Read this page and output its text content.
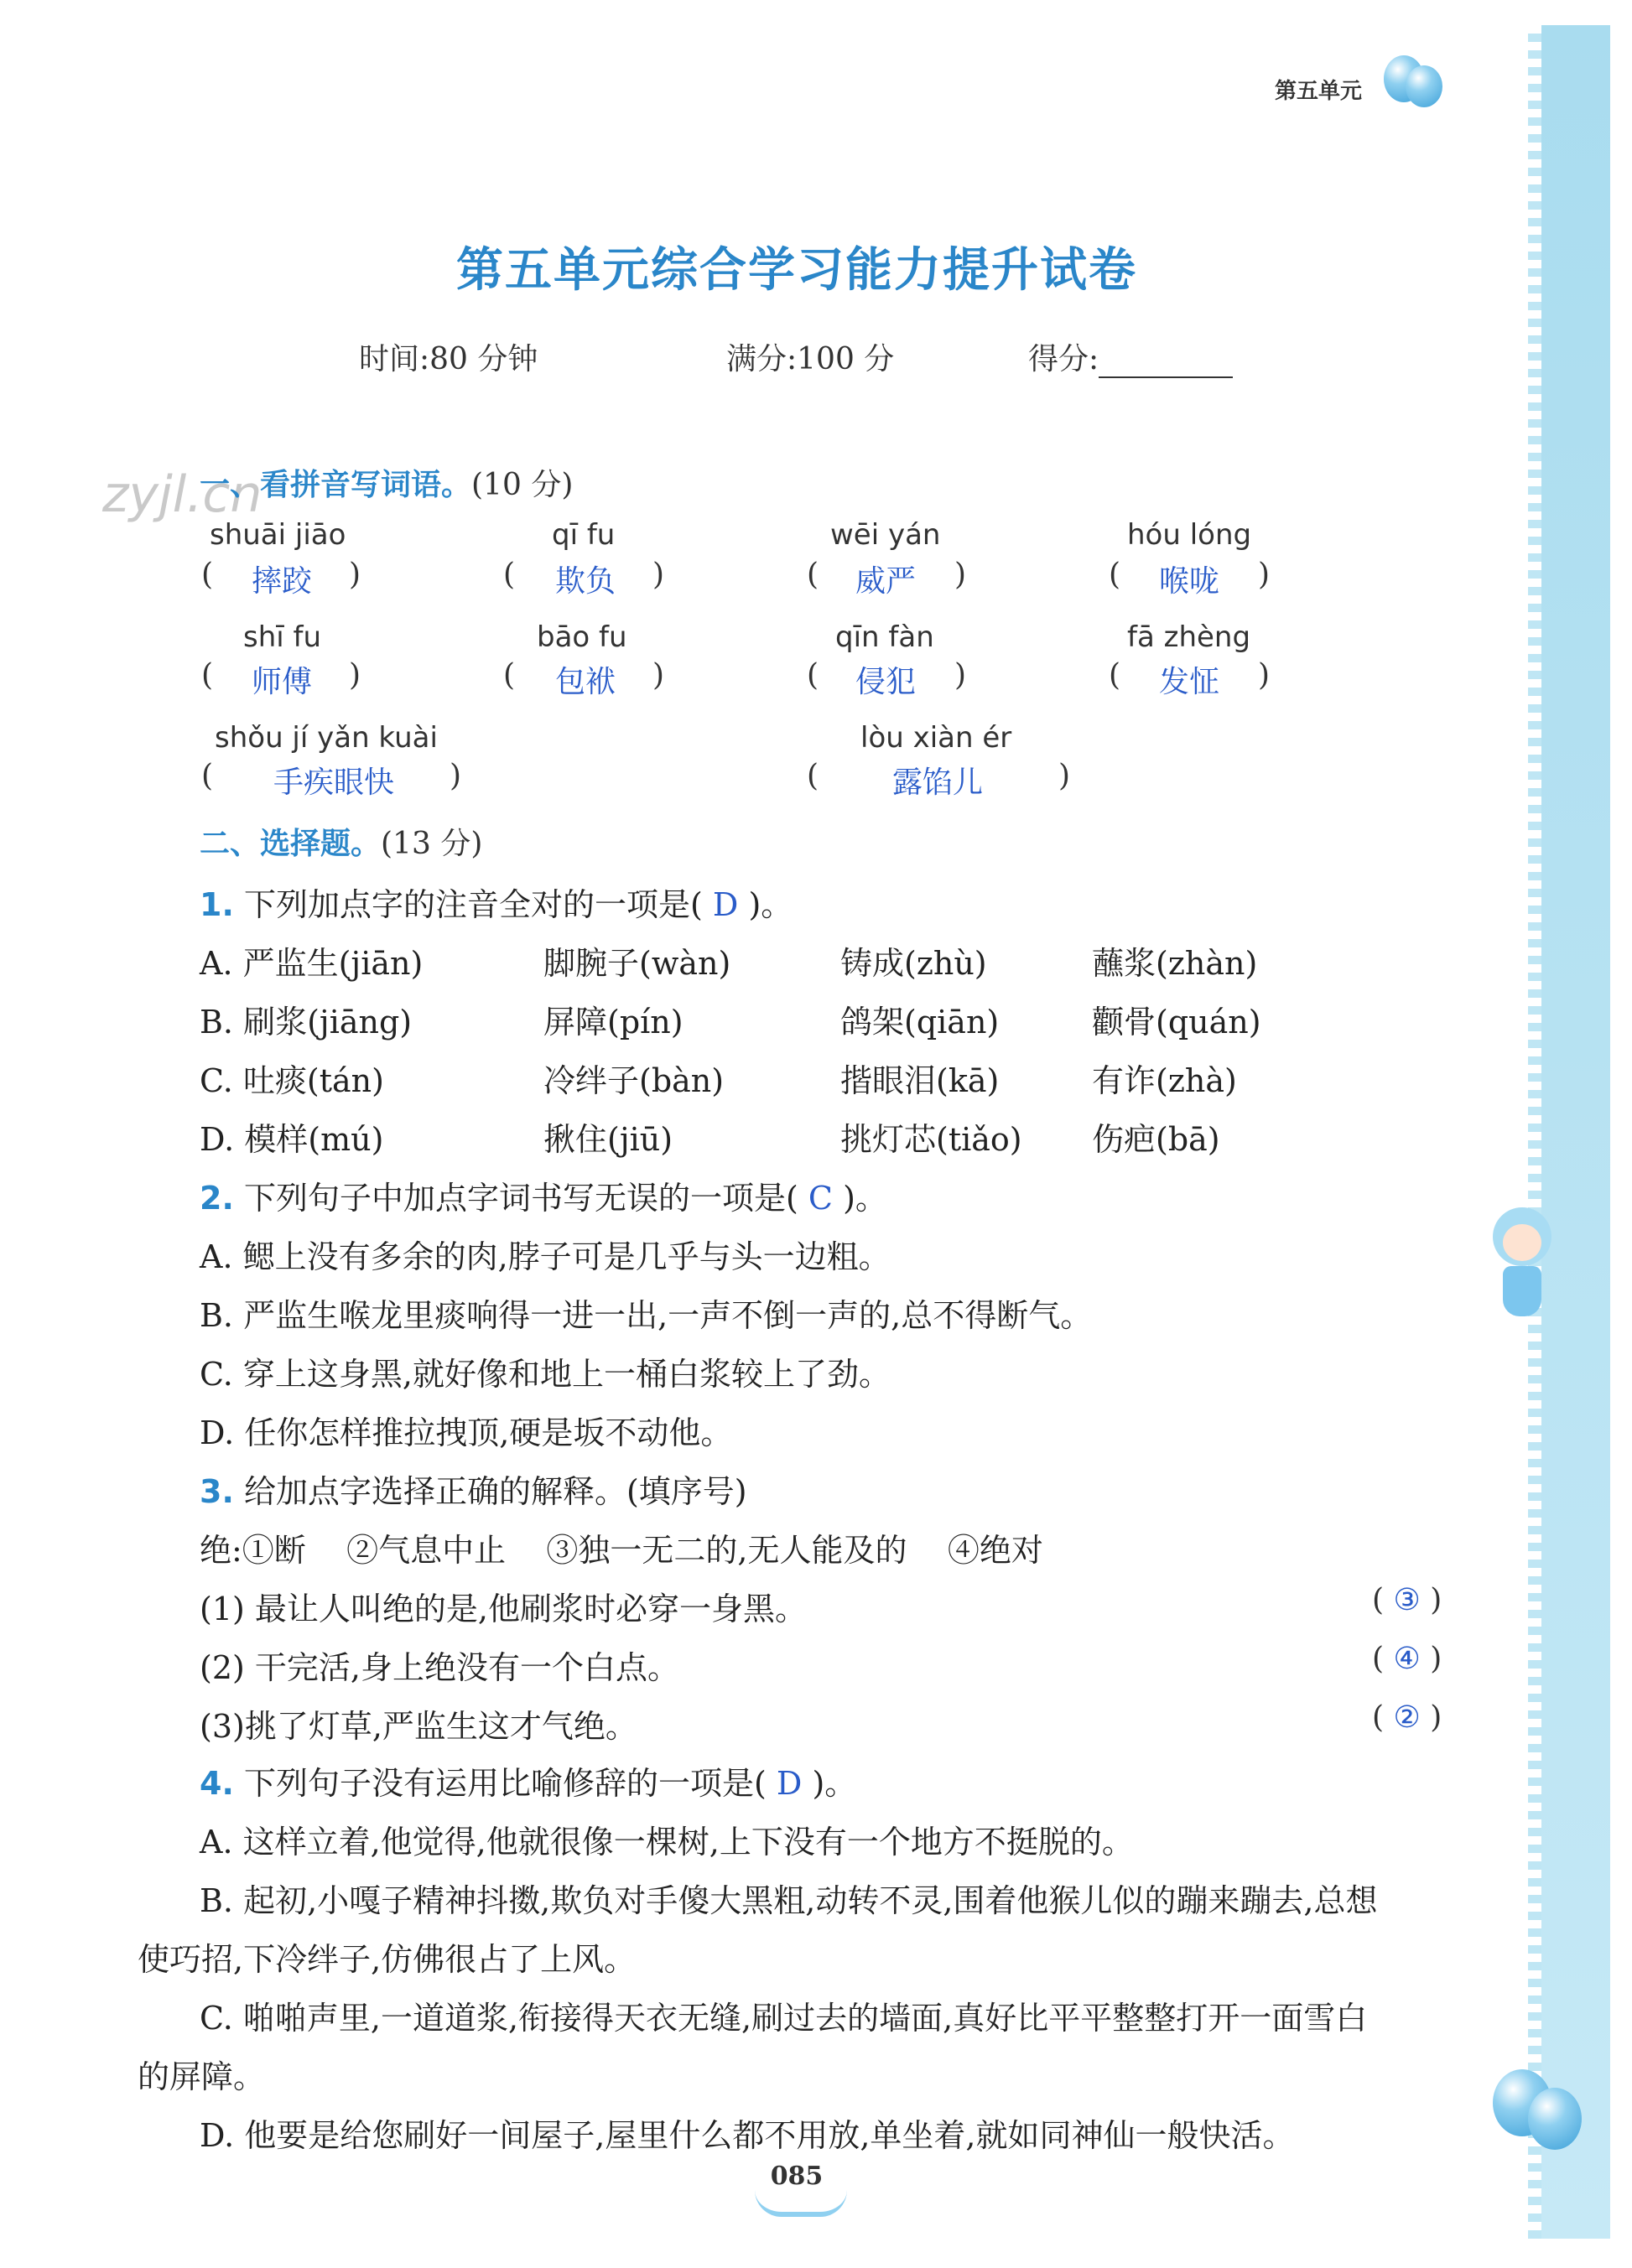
第五单元
第五单元综合学习能力提升试卷
时间:80 分钟	满分:100 分	得分:
zyjl.cn
一、看拼音写词语。(10 分)
shuāi jiāo
( 摔跤 )
qī fu
( 欺负 )
wēi yán
( 威严 )
hóu lóng
( 喉咙 )
shī fu
( 师傅 )
bāo fu
( 包袱 )
qīn fàn
( 侵犯 )
fā zhèng
( 发怔 )
shǒu jí yǎn kuài
( 手疾眼快 )
lòu xiàn ér
( 露馅儿 )
二、选择题。(13 分)
1. 下列加点字的注音全对的一项是( D )。
A. 严监生(jiān)	脚腕子(wàn)	铸成(zhù)	蘸浆(zhàn)
B. 刷浆(jiāng)	屏障(pín)	鸽架(qiān)	颧骨(quán)
C. 吐痰(tán)	冷绊子(bàn)	揩眼泪(kā)	有诈(zhà)
D. 模样(mú)	揪住(jiū)	挑灯芯(tiǎo) 伤疤(bā)
2. 下列句子中加点字词书写无误的一项是( C )。
A. 鳃上没有多余的肉,脖子可是几乎与头一边粗。
B. 严监生喉龙里痰响得一进一出,一声不倒一声的,总不得断气。
C. 穿上这身黑,就好像和地上一桶白浆较上了劲。
D. 任你怎样推拉拽顶,硬是坂不动他。
3. 给加点字选择正确的解释。(填序号)
绝:①断    ②气息中止    ③独一无二的,无人能及的    ④绝对
(1) 最让人叫绝的是,他刷浆时必穿一身黑。	( ③ )
(2) 干完活,身上绝没有一个白点。	( ④ )
(3)挑了灯草,严监生这才气绝。	( ② )
4. 下列句子没有运用比喻修辞的一项是( D )。
A. 这样立着,他觉得,他就很像一棵树,上下没有一个地方不挺脱的。
B. 起初,小嘎子精神抖擞,欺负对手傻大黑粗,动转不灵,围着他猴儿似的蹦来蹦去,总想
使巧招,下冷绊子,仿佛很占了上风。
C. 啪啪声里,一道道浆,衔接得天衣无缝,刷过去的墙面,真好比平平整整打开一面雪白
的屏障。
D. 他要是给您刷好一间屋子,屋里什么都不用放,单坐着,就如同神仙一般快活。
085
